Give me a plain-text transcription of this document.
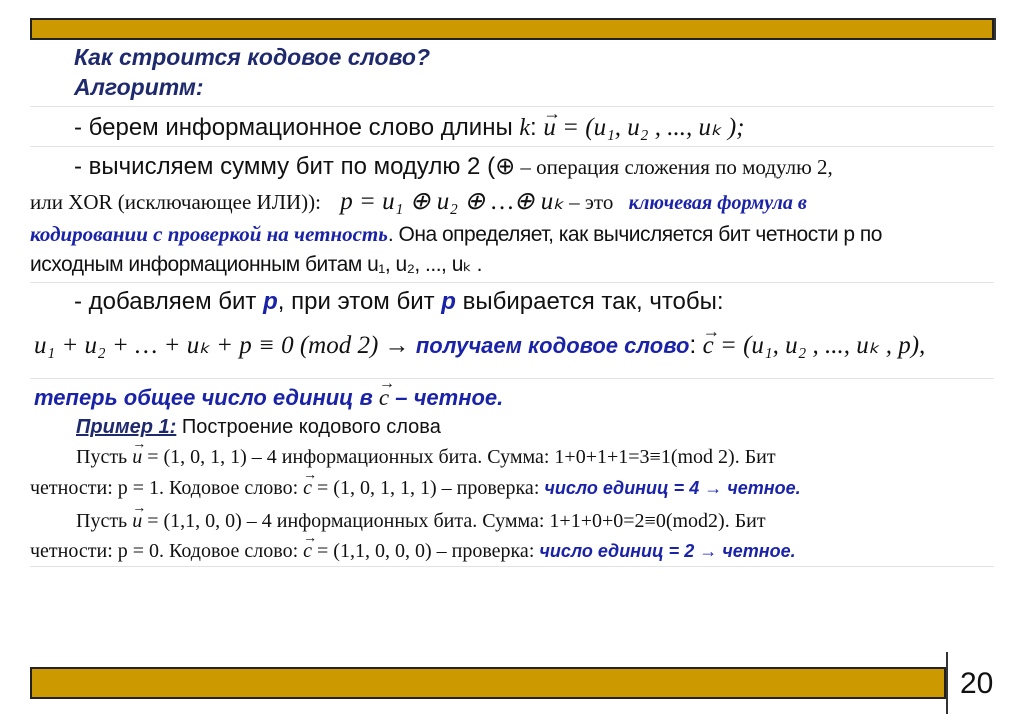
Как строится кодовое слово?
Алгоритм:
- берем информационное слово длины k: → u = (u₁, u₂ , ..., uₖ );
- вычисляем сумму бит по модулю 2 (⊕ – операция сложения по модулю 2,
или XOR (исключающее ИЛИ)): p = u₁ ⊕ u₂ ⊕ …⊕ uₖ – это ключевая формула в
кодировании с проверкой на четность. Она определяет, как вычисляется бит четности p по
исходным информационным битам u₁, u₂, ..., uₖ .
- добавляем бит p, при этом бит p выбирается так, чтобы:
u₁ + u₂ + … + uₖ + p ≡ 0 (mod 2) → получаем кодовое слово: → c = (u₁, u₂ , ..., uₖ , p),
теперь общее число единиц в → c – четное.
Пример 1: Построение кодового слова
Пусть → u = (1, 0, 1, 1) – 4 информационных бита. Сумма: 1+0+1+1=3≡1(mod 2). Бит
четности: p = 1. Кодовое слово: → c = (1, 0, 1, 1, 1) – проверка: число единиц = 4 → четное.
Пусть → u = (1,1, 0, 0) – 4 информационных бита. Сумма: 1+1+0+0=2≡0(mod2). Бит
четности: p = 0. Кодовое слово: → c = (1,1, 0, 0, 0) – проверка: число единиц = 2 → четное.
20
